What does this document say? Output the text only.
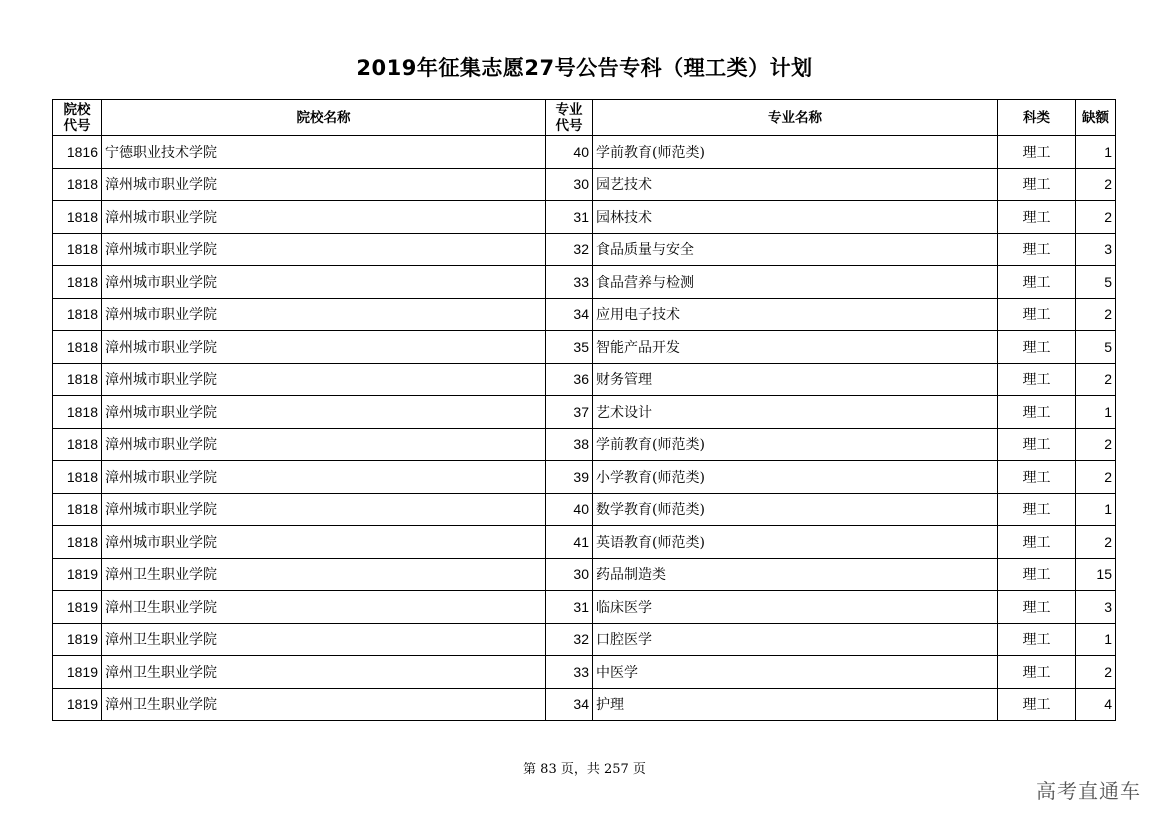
2019年征集志愿27号公告专科（理工类）计划
院校代号	院校名称	专业代号	专业名称	科类	缺额
1816	宁德职业技术学院	40	学前教育(师范类)	理工	1
1818	漳州城市职业学院	30	园艺技术	理工	2
1818	漳州城市职业学院	31	园林技术	理工	2
1818	漳州城市职业学院	32	食品质量与安全	理工	3
1818	漳州城市职业学院	33	食品营养与检测	理工	5
1818	漳州城市职业学院	34	应用电子技术	理工	2
1818	漳州城市职业学院	35	智能产品开发	理工	5
1818	漳州城市职业学院	36	财务管理	理工	2
1818	漳州城市职业学院	37	艺术设计	理工	1
1818	漳州城市职业学院	38	学前教育(师范类)	理工	2
1818	漳州城市职业学院	39	小学教育(师范类)	理工	2
1818	漳州城市职业学院	40	数学教育(师范类)	理工	1
1818	漳州城市职业学院	41	英语教育(师范类)	理工	2
1819	漳州卫生职业学院	30	药品制造类	理工	15
1819	漳州卫生职业学院	31	临床医学	理工	3
1819	漳州卫生职业学院	32	口腔医学	理工	1
1819	漳州卫生职业学院	33	中医学	理工	2
1819	漳州卫生职业学院	34	护理	理工	4
第 83 页，共 257 页
高考直通车
